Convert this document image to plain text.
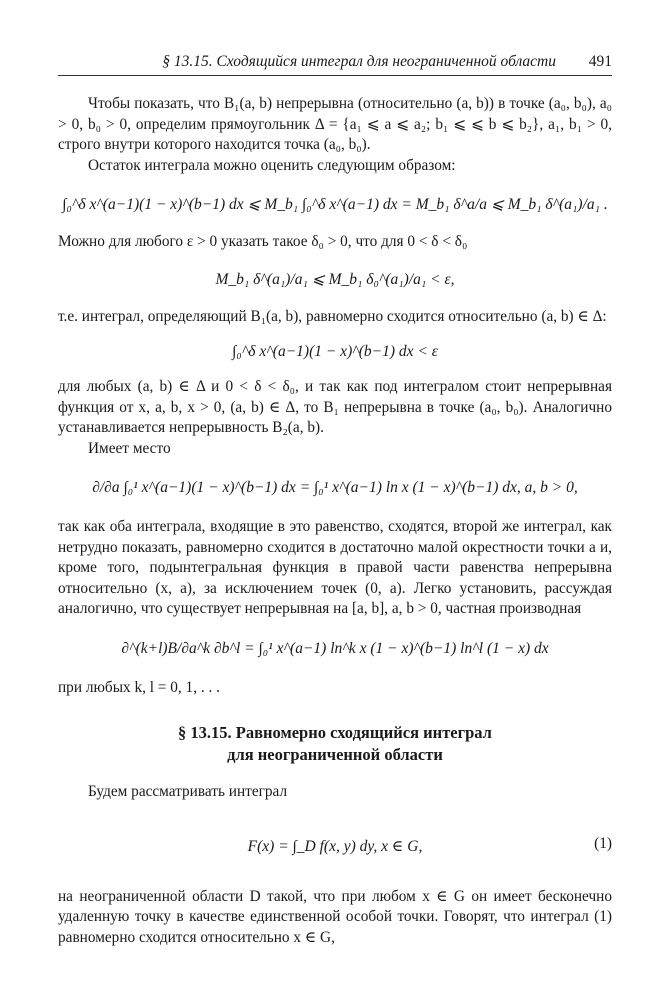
§ 13.15. Сходящийся интеграл для неограниченной области 491

Чтобы показать, что B₁(a, b) непрерывна (относительно (a, b)) в точке (a₀, b₀), a₀ > 0, b₀ > 0, определим прямоугольник Δ = {a₁ ⩽ a ⩽ a₂; b₁ ⩽ ⩽ b ⩽ b₂}, a₁, b₁ > 0, строго внутри которого находится точка (a₀, b₀).

Остаток интеграла можно оценить следующим образом:

∫₀^δ x^(a−1)(1 − x)^(b−1) dx ⩽ M_b₁ ∫₀^δ x^(a−1) dx = M_b₁ δ^a/a ⩽ M_b₁ δ^(a₁)/a₁ .

Можно для любого ε > 0 указать такое δ₀ > 0, что для 0 < δ < δ₀

M_b₁ δ^(a₁)/a₁ ⩽ M_b₁ δ₀^(a₁)/a₁ < ε,

т.е. интеграл, определяющий B₁(a, b), равномерно сходится относительно (a, b) ∈ Δ:

∫₀^δ x^(a−1)(1 − x)^(b−1) dx < ε

для любых (a, b) ∈ Δ и 0 < δ < δ₀, и так как под интегралом стоит непрерывная функция от x, a, b, x > 0, (a, b) ∈ Δ, то B₁ непрерывна в точке (a₀, b₀). Аналогично устанавливается непрерывность B₂(a, b).

Имеет место

∂/∂a ∫₀¹ x^(a−1)(1 − x)^(b−1) dx = ∫₀¹ x^(a−1) ln x (1 − x)^(b−1) dx, a, b > 0,

так как оба интеграла, входящие в это равенство, сходятся, второй же интеграл, как нетрудно показать, равномерно сходится в достаточно малой окрестности точки a и, кроме того, подынтегральная функция в правой части равенства непрерывна относительно (x, a), за исключением точек (0, a). Легко установить, рассуждая аналогично, что существует непрерывная на [a, b], a, b > 0, частная производная

∂^(k+l)B/∂a^k ∂b^l = ∫₀¹ x^(a−1) ln^k x (1 − x)^(b−1) ln^l (1 − x) dx

при любых k, l = 0, 1, . . .

§ 13.15. Равномерно сходящийся интеграл
для неограниченной области

Будем рассматривать интеграл

F(x) = ∫_D f(x, y) dy, x ∈ G,	(1)

на неограниченной области D такой, что при любом x ∈ G он имеет бесконечно удаленную точку в качестве единственной особой точки. Говорят, что интеграл (1) равномерно сходится относительно x ∈ G,
